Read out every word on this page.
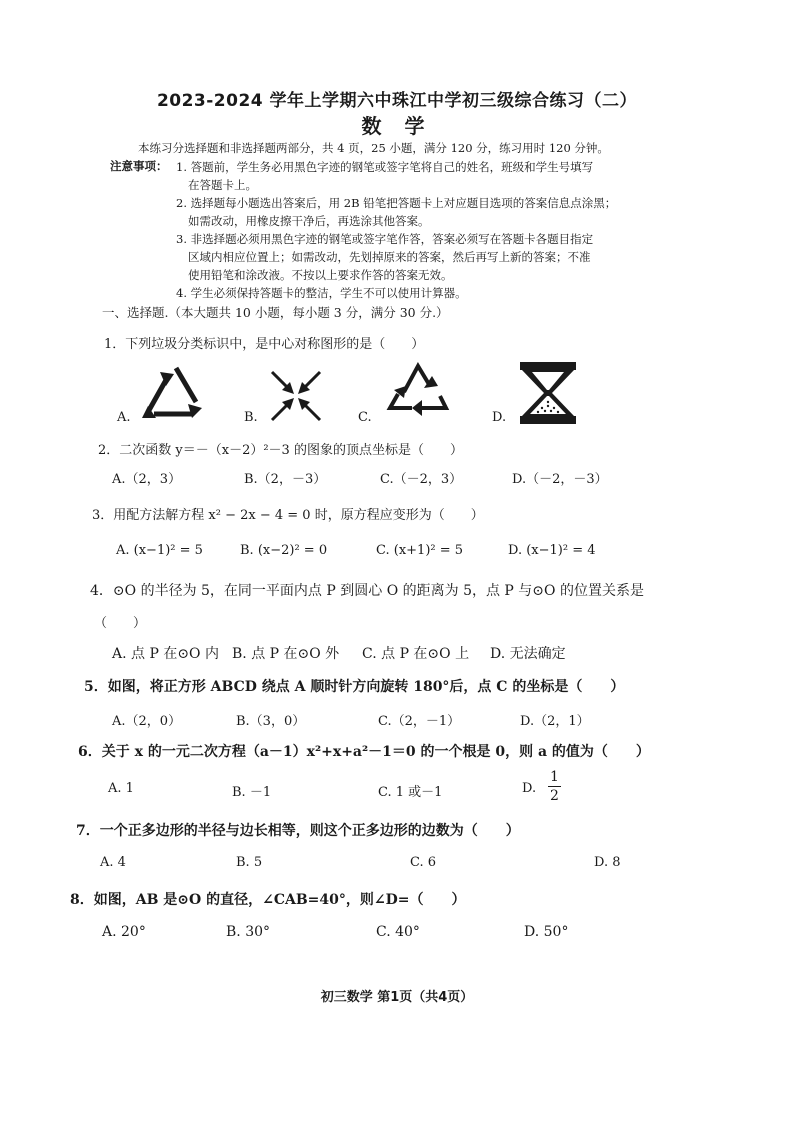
2023-2024 学年上学期六中珠江中学初三级综合练习（二）
数 学
本练习分选择题和非选择题两部分，共 4 页，25 小题，满分 120 分，练习用时 120 分钟。
注意事项： 1. 答题前，学生务必用黑色字迹的钢笔或签字笔将自己的姓名，班级和学生号填写
在答题卡上。
2. 选择题每小题选出答案后，用 2B 铅笔把答题卡上对应题目选项的答案信息点涂黑；
如需改动，用橡皮擦干净后，再选涂其他答案。
3. 非选择题必须用黑色字迹的钢笔或签字笔作答，答案必须写在答题卡各题目指定
区域内相应位置上；如需改动，先划掉原来的答案，然后再写上新的答案；不准
使用铅笔和涂改液。不按以上要求作答的答案无效。
4. 学生必须保持答题卡的整洁，学生不可以使用计算器。
一、选择题.（本大题共 10 小题，每小题 3 分，满分 30 分.）
1．下列垃圾分类标识中，是中心对称图形的是（　　）
A.	B.	C.	D.
2．二次函数 y＝－（x－2）²－3 的图象的顶点坐标是（　　）
A.（2，3）	B.（2，－3）	C.（－2，3）	D.（－2，－3）
3．用配方法解方程 x² − 2x − 4 = 0 时，原方程应变形为（　　）
A. (x−1)² = 5	B. (x−2)² = 0	C. (x+1)² = 5	D. (x−1)² = 4
4．⊙O 的半径为 5，在同一平面内点 P 到圆心 O 的距离为 5，点 P 与⊙O 的位置关系是
（　　）
A. 点 P 在⊙O 内 B. 点 P 在⊙O 外 C. 点 P 在⊙O 上 D. 无法确定
5．如图，将正方形 ABCD 绕点 A 顺时针方向旋转 180°后，点 C 的坐标是（　　）
A.（2，0）	B.（3，0）	C.（2，－1）	D.（2，1）
6．关于 x 的一元二次方程（a－1）x²+x+a²－1＝0 的一个根是 0，则 a 的值为（　　）
A. 1	B. －1	C. 1 或－1	D. $\frac{1}{2}$
7．一个正多边形的半径与边长相等，则这个正多边形的边数为（　　）
A. 4	B. 5	C. 6	D. 8
8．如图，AB 是⊙O 的直径，∠CAB=40°，则∠D=（　　）
A. 20°	B. 30°	C. 40°	D. 50°
初三数学 第1页（共4页）
